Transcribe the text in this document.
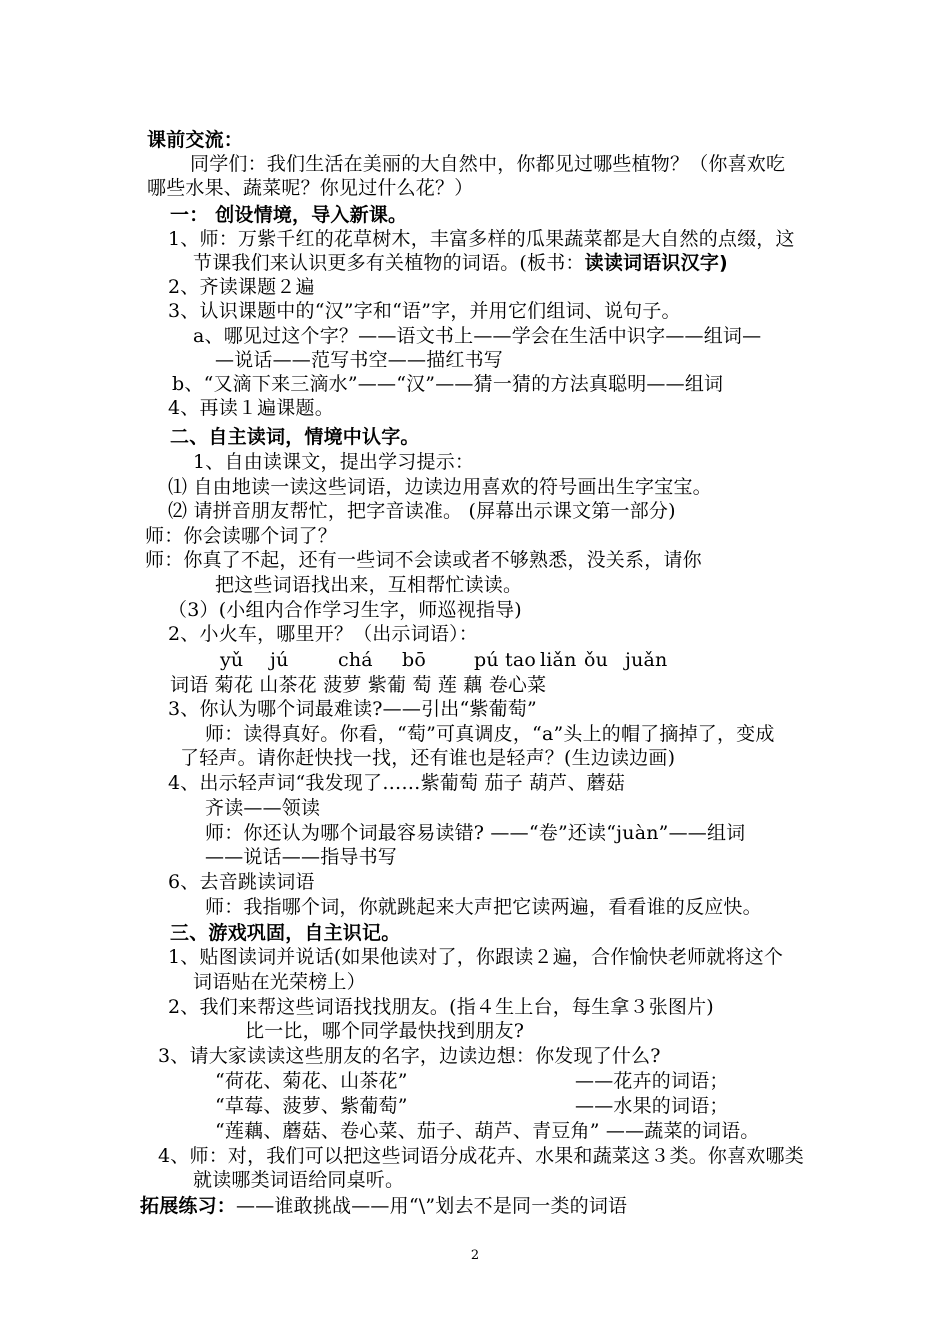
课前交流：

同学们：我们生活在美丽的大自然中，你都见过哪些植物？（你喜欢吃

哪些水果、蔬菜呢？你见过什么花？）

一： 创设情境，导入新课。

1、师：万紫千红的花草树木，丰富多样的瓜果蔬菜都是大自然的点缀，这

节课我们来认识更多有关植物的词语。(板书：读读词语识汉字)

2、齐读课题２遍

3、认识课题中的“汉”字和“语”字，并用它们组词、说句子。

a、哪见过这个字？——语文书上——学会在生活中识字——组词—

—说话——范写书空——描红书写

b、“又滴下来三滴水”——“汉”——猜一猜的方法真聪明——组词

4、再读１遍课题。

二、自主读词，情境中认字。

1、自由读课文，提出学习提示：

⑴ 自由地读一读这些词语，边读边用喜欢的符号画出生字宝宝。

⑵ 请拼音朋友帮忙，把字音读准。 (屏幕出示课文第一部分)

师：你会读哪个词了？

师：你真了不起，还有一些词不会读或者不够熟悉，没关系，请你

把这些词语找出来，互相帮忙读读。

（3）(小组内合作学习生字，师巡视指导)

2、小火车，哪里开？（出示词语）：

yǔ jú	chá bō	pú tao liǎn ǒu juǎn

词语 菊花 山茶花 菠萝 紫葡 萄 莲 藕 卷心菜

3、你认为哪个词最难读?——引出“紫葡萄”

师：读得真好。你看，“萄”可真调皮，“a”头上的帽了摘掉了，变成

了轻声。请你赶快找一找，还有谁也是轻声？(生边读边画)

4、出示轻声词“我发现了……紫葡萄 茄子 葫芦、蘑菇

齐读——领读

师：你还认为哪个词最容易读错? ——“卷”还读“juàn”——组词

——说话——指导书写

6、去音跳读词语

师：我指哪个词，你就跳起来大声把它读两遍，看看谁的反应快。

三、游戏巩固，自主识记。

1、贴图读词并说话(如果他读对了，你跟读２遍，合作愉快老师就将这个

词语贴在光荣榜上）

2、我们来帮这些词语找找朋友。(指４生上台，每生拿３张图片)

比一比，哪个同学最快找到朋友?

3、请大家读读这些朋友的名字，边读边想：你发现了什么?

“荷花、菊花、山茶花”	——花卉的词语；

“草莓、菠萝、紫葡萄”	——水果的词语；

“莲藕、蘑菇、卷心菜、茄子、葫芦、青豆角” ——蔬菜的词语。

4、师：对，我们可以把这些词语分成花卉、水果和蔬菜这３类。你喜欢哪类

就读哪类词语给同桌听。

拓展练习：——谁敢挑战——用“\”划去不是同一类的词语

2
